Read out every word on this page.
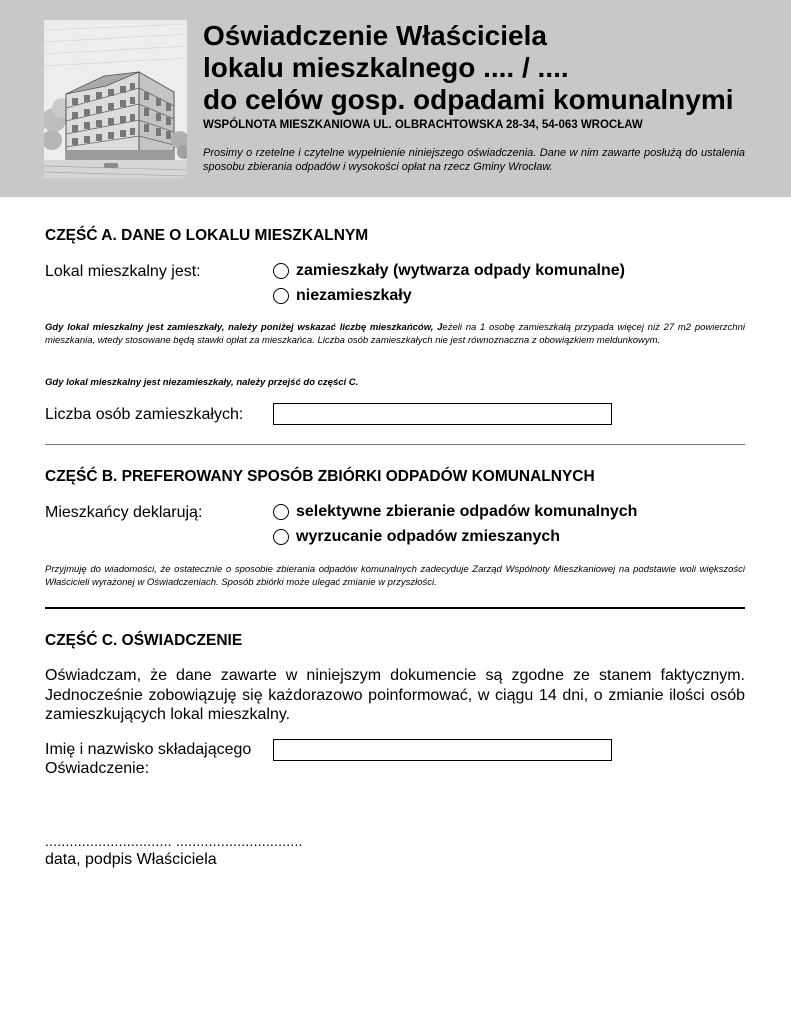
Oświadczenie Właściciela
lokalu mieszkalnego .... / ....
do celów gosp. odpadami komunalnymi
WSPÓLNOTA MIESZKANIOWA UL. OLBRACHTOWSKA 28-34, 54-063 WROCŁAW
Prosimy o rzetelne i czytelne wypełnienie niniejszego oświadczenia. Dane w nim zawarte posłużą do ustalenia sposobu zbierania odpadów i wysokości opłat na rzecz Gminy Wrocław.
CZĘŚĆ A. DANE O LOKALU MIESZKALNYM
Lokal mieszkalny jest:	zamieszkały (wytwarza odpady komunalne)
niezamieszkały
Gdy lokal mieszkalny jest zamieszkały, należy poniżej wskazać liczbę mieszkańców, Jeżeli na 1 osobę zamieszkałą przypada więcej niż 27 m2 powierzchni mieszkania, wtedy stosowane będą stawki opłat za mieszkańca. Liczba osób zamieszkałych nie jest równoznaczna z obowiązkiem meldunkowym.
Gdy lokal mieszkalny jest niezamieszkały, należy przejść do części C.
Liczba osób zamieszkałych:
CZĘŚĆ B. PREFEROWANY SPOSÓB ZBIÓRKI ODPADÓW KOMUNALNYCH
Mieszkańcy deklarują:	selektywne zbieranie odpadów komunalnych
wyrzucanie odpadów zmieszanych
Przyjmuję do wiadomości, że ostatecznie o sposobie zbierania odpadów komunalnych zadecyduje Zarząd Wspólnoty Mieszkaniowej na podstawie woli większości Właścicieli wyrażonej w Oświadczeniach. Sposób zbiórki może ulegać zmianie w przyszłości.
CZĘŚĆ C. OŚWIADCZENIE
Oświadczam, że dane zawarte w niniejszym dokumencie są zgodne ze stanem faktycznym. Jednocześnie zobowiązuję się każdorazowo poinformować, w ciągu 14 dni, o zmianie ilości osób zamieszkujących lokal mieszkalny.
Imię i nazwisko składającego
Oświadczenie:
............................... ...............................
data, podpis Właściciela
